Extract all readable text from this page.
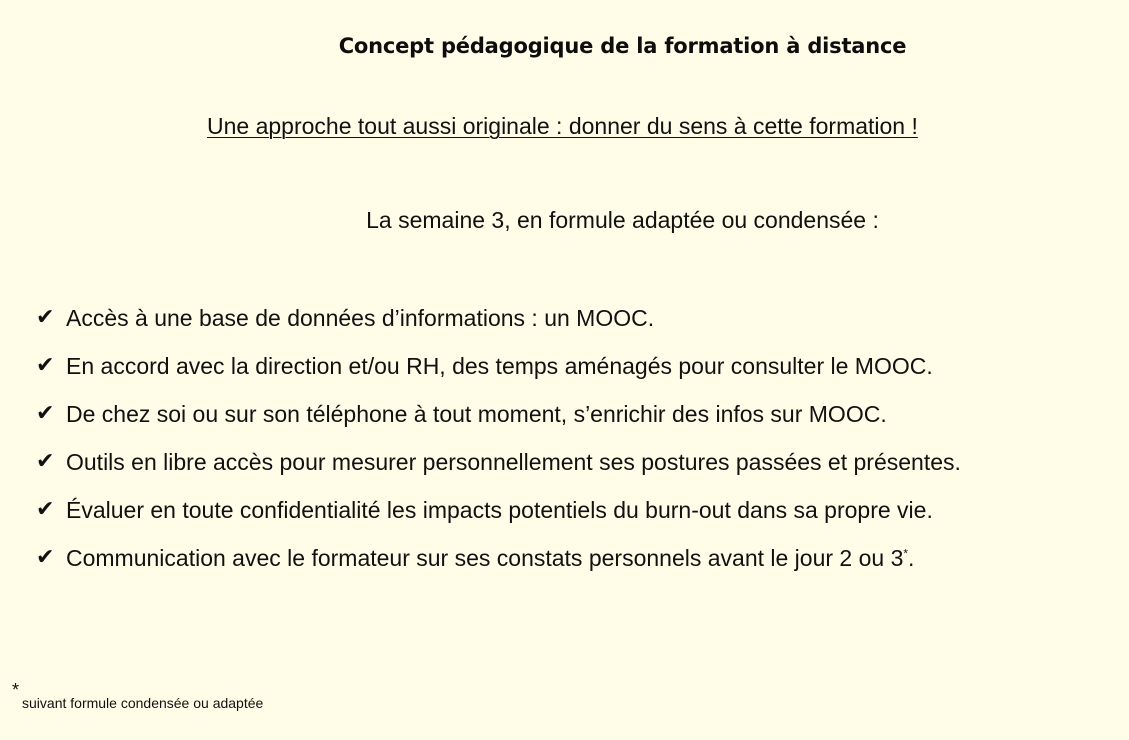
Concept pédagogique de la formation à distance
Une approche tout aussi originale : donner du sens à cette formation !
La semaine 3, en formule adaptée ou condensée :
✔ Accès à une base de données d’informations : un MOOC.
✔ En accord avec la direction et/ou RH, des temps aménagés pour consulter le MOOC.
✔ De chez soi ou sur son téléphone à tout moment, s’enrichir des infos sur MOOC.
✔ Outils en libre accès pour mesurer personnellement ses postures passées et présentes.
✔ Évaluer en toute confidentialité les impacts potentiels du burn-out dans sa propre vie.
✔ Communication avec le formateur sur ses constats personnels avant le jour 2 ou 3*.
*suivant formule condensée ou adaptée
